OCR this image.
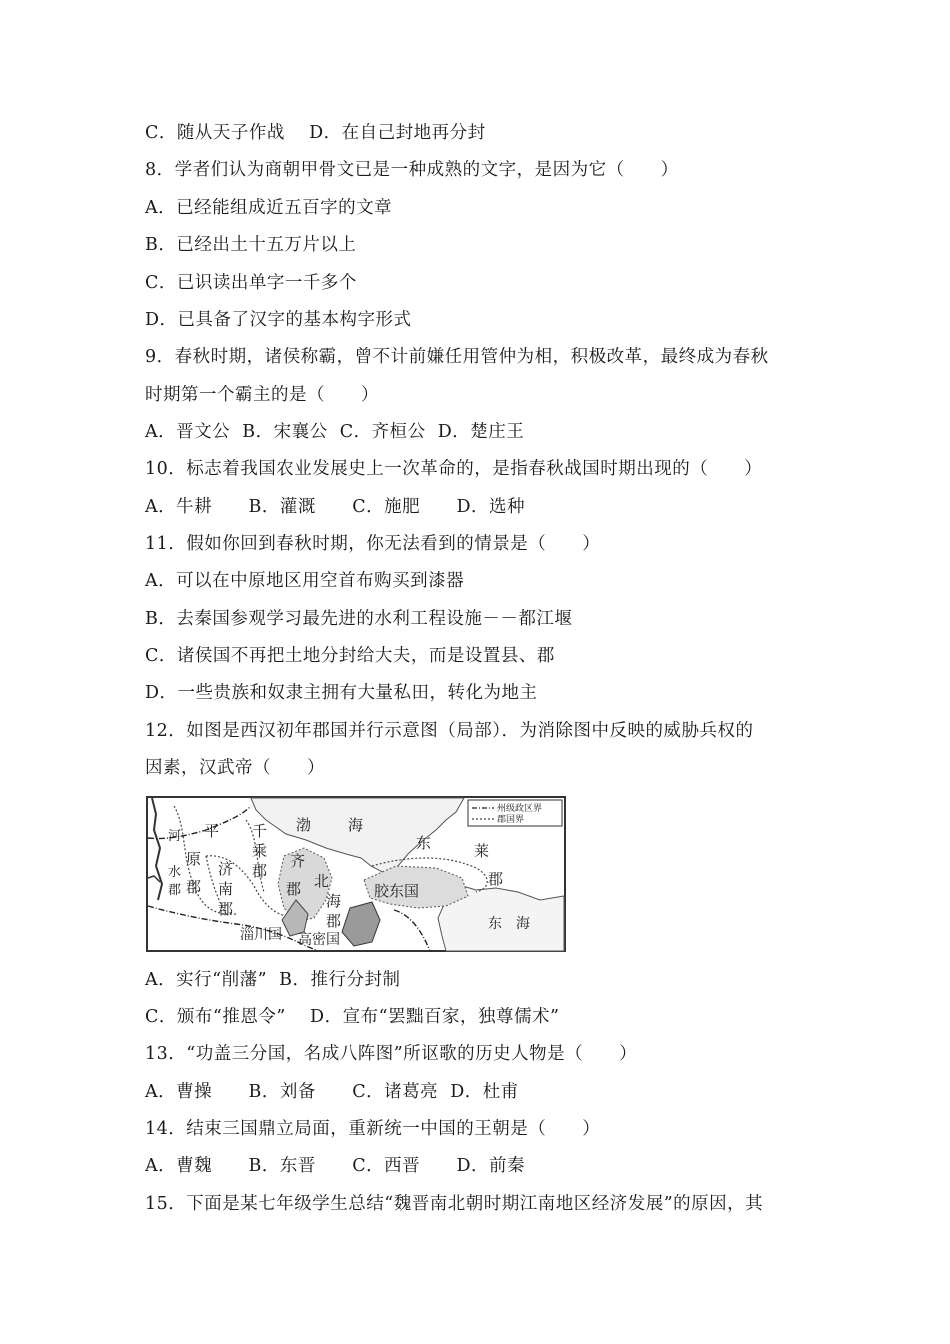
C．随从天子作战    D．在自己封地再分封
8．学者们认为商朝甲骨文已是一种成熟的文字，是因为它（　　）
A．已经能组成近五百字的文章
B．已经出土十五万片以上
C．已识读出单字一千多个
D．已具备了汉字的基本构字形式
9．春秋时期，诸侯称霸，曾不计前嫌任用管仲为相，积极改革，最终成为春秋
时期第一个霸主的是（　　）
A．晋文公  B．宋襄公  C．齐桓公  D．楚庄王
10．标志着我国农业发展史上一次革命的，是指春秋战国时期出现的（　　）
A．牛耕      B．灌溉      C．施肥      D．选种
11．假如你回到春秋时期，你无法看到的情景是（　　）
A．可以在中原地区用空首布购买到漆器
B．去秦国参观学习最先进的水利工程设施－－都江堰
C．诸侯国不再把土地分封给大夫，而是设置县、郡
D．一些贵族和奴隶主拥有大量私田，转化为地主
12．如图是西汉初年郡国并行示意图（局部）．为消除图中反映的威胁兵权的
因素，汉武帝（　　）
A．实行“削藩”  B．推行分封制
C．颁布“推恩令”    D．宣布“罢黜百家，独尊儒术”
13．“功盖三分国，名成八阵图”所讴歌的历史人物是（　　）
A．曹操      B．刘备      C．诸葛亮  D．杜甫
14．结束三国鼎立局面，重新统一中国的王朝是（　　）
A．曹魏      B．东晋      C．西晋      D．前秦
15．下面是某七年级学生总结“魏晋南北朝时期江南地区经济发展”的原因，其
州级政区界
郡国界
河
水
郡
平
原
郡
千
乘
郡
济
南
郡
齐
郡 北
海
郡
渤 海
东	莱
郡
胶东国
东　海
淄川国 高密国
